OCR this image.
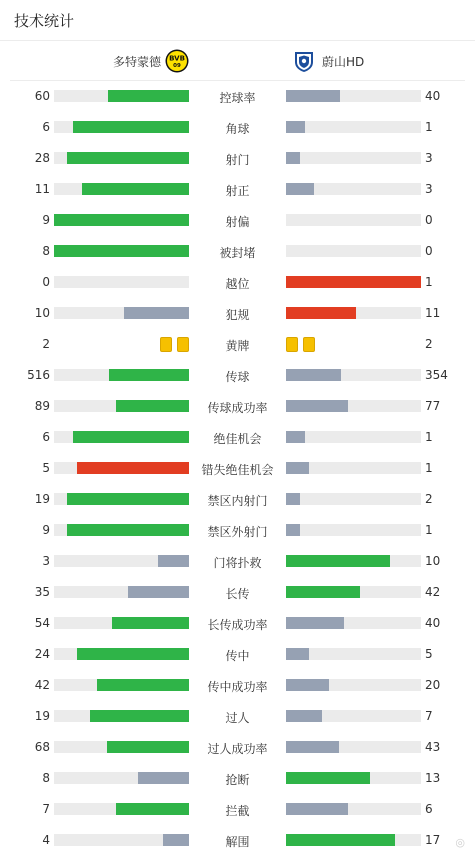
技术统计
多特蒙德 BVB
09	蔚山HD
60	控球率	40
6	角球	1
28	射门	3
11	射正	3
9	射偏	0
8	被封堵	0
0	越位	1
10	犯规	11
2	黄牌	2
516	传球	354
89	传球成功率	77
6	绝佳机会	1
5	错失绝佳机会	1
19	禁区内射门	2
9	禁区外射门	1
3	门将扑救	10
35	长传	42
54	长传成功率	40
24	传中	5
42	传中成功率	20
19	过人	7
68	过人成功率	43
8	抢断	13
7	拦截	6
4	解围	17	◎
